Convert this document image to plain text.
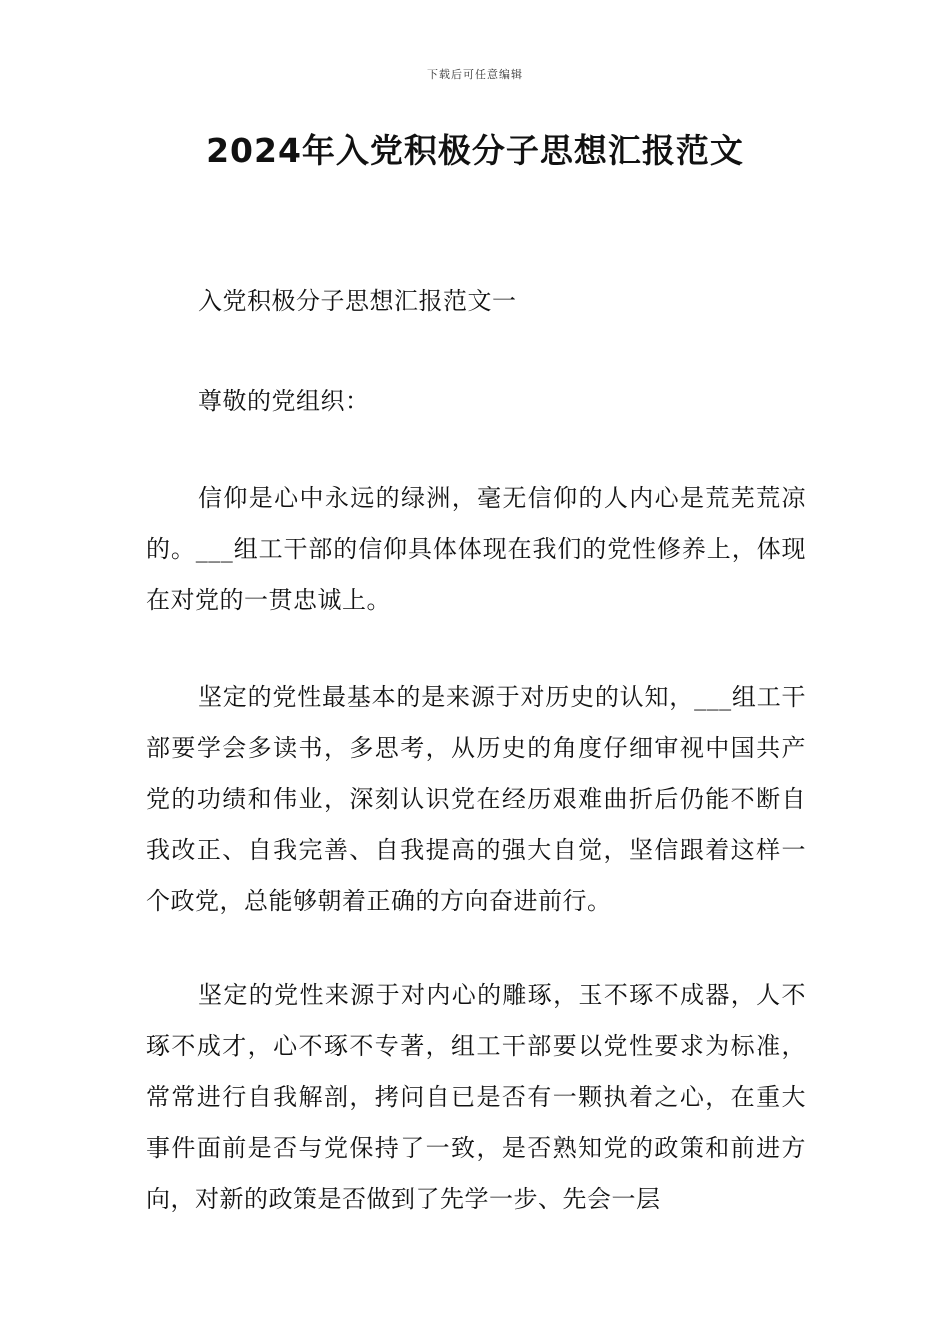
下载后可任意编辑
2024年入党积极分子思想汇报范文

入党积极分子思想汇报范文一

尊敬的党组织：

信仰是心中永远的绿洲，毫无信仰的人内心是荒芜荒凉的。___组工干部的信仰具体体现在我们的党性修养上，体现在对党的一贯忠诚上。

坚定的党性最基本的是来源于对历史的认知，___组工干部要学会多读书，多思考，从历史的角度仔细审视中国共产党的功绩和伟业，深刻认识党在经历艰难曲折后仍能不断自我改正、自我完善、自我提高的强大自觉，坚信跟着这样一个政党，总能够朝着正确的方向奋进前行。

坚定的党性来源于对内心的雕琢，玉不琢不成器，人不琢不成才，心不琢不专著，组工干部要以党性要求为标准，常常进行自我解剖，拷问自已是否有一颗执着之心，在重大事件面前是否与党保持了一致，是否熟知党的政策和前进方向，对新的政策是否做到了先学一步、先会一层
